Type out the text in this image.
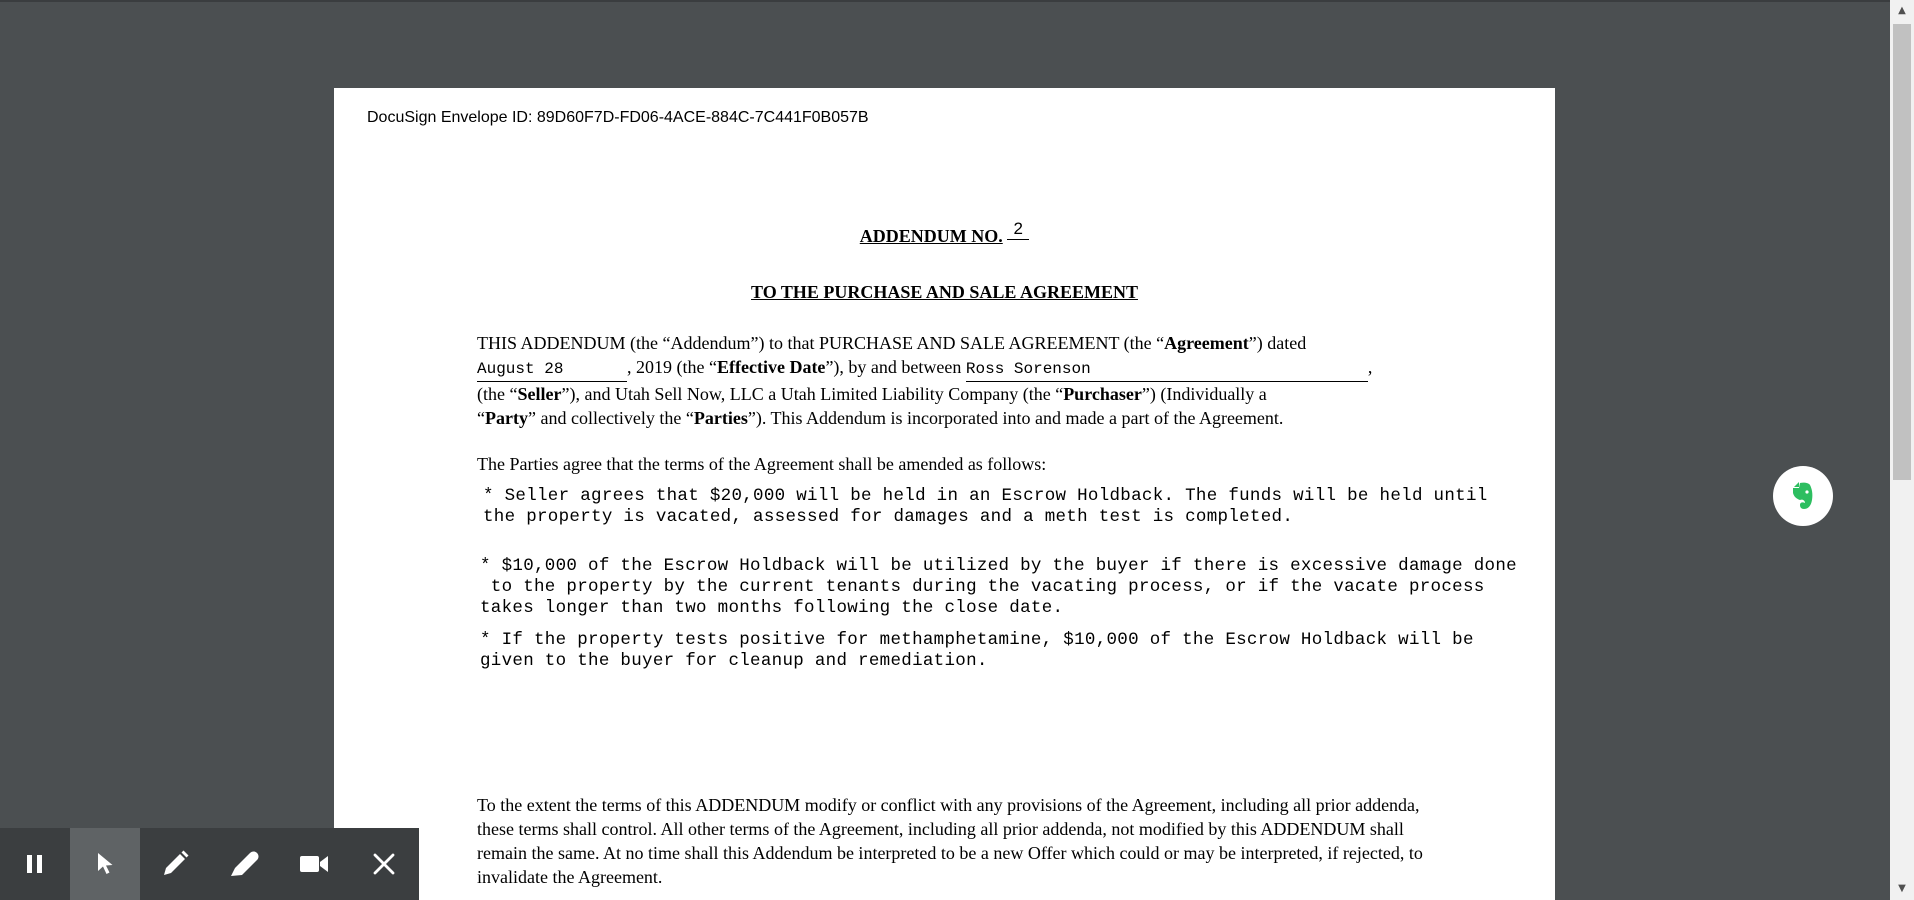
DocuSign Envelope ID: 89D60F7D-FD06-4ACE-884C-7C441F0B057B
ADDENDUM NO. 2
TO THE PURCHASE AND SALE AGREEMENT
THIS ADDENDUM (the “Addendum”) to that PURCHASE AND SALE AGREEMENT (the “Agreement”) dated
August 28	, 2019 (the “Effective Date”), by and between Ross Sorenson	,
(the “Seller”), and Utah Sell Now, LLC a Utah Limited Liability Company (the “Purchaser”) (Individually a
“Party” and collectively the “Parties”). This Addendum is incorporated into and made a part of the Agreement.
The Parties agree that the terms of the Agreement shall be amended as follows:
* Seller agrees that $20,000 will be held in an Escrow Holdback. The funds will be held until
the property is vacated, assessed for damages and a meth test is completed.
* $10,000 of the Escrow Holdback will be utilized by the buyer if there is excessive damage done
to the property by the current tenants during the vacating process, or if the vacate process
takes longer than two months following the close date.
* If the property tests positive for methamphetamine, $10,000 of the Escrow Holdback will be
given to the buyer for cleanup and remediation.
To the extent the terms of this ADDENDUM modify or conflict with any provisions of the Agreement, including all prior addenda, these terms shall control. All other terms of the Agreement, including all prior addenda, not modified by this ADDENDUM shall remain the same. At no time shall this Addendum be interpreted to be a new Offer which could or may be interpreted, if rejected, to invalidate the Agreement.
▲
▼
